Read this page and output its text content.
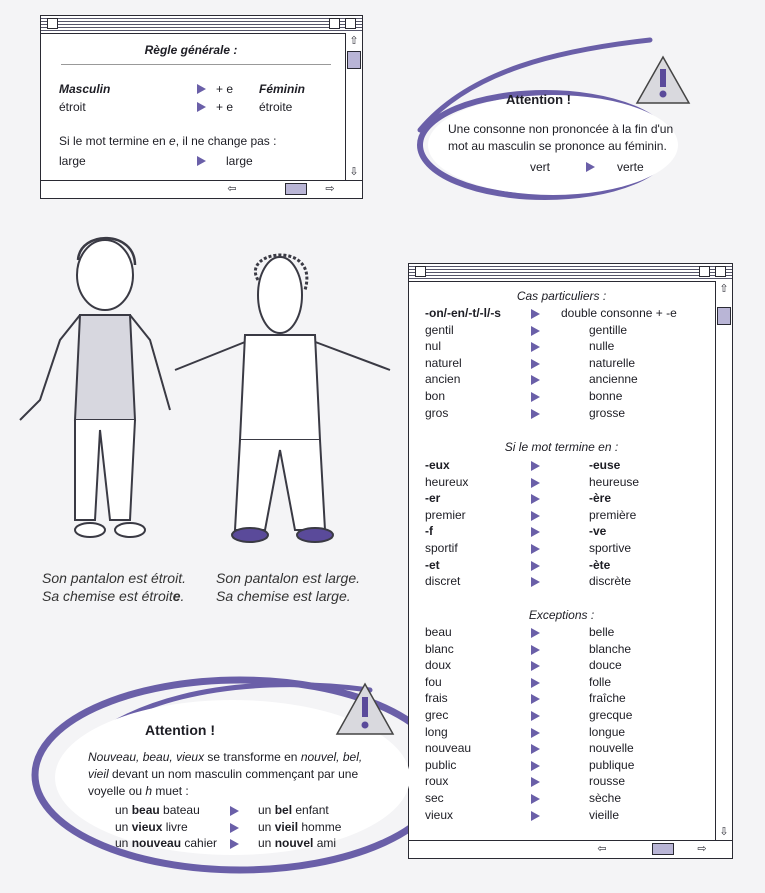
⇧
⇩
⇦	⇨
Règle générale :
Masculin	+ e Féminin
étroit	+ e étroite
Si le mot termine en e, il ne change pas :
large	large
Attention !
Une consonne non prononcée à la fin d'un
mot au masculin se prononce au féminin.
vert	verte
Son pantalon est étroit.
Sa chemise est étroite.
Son pantalon est large.
Sa chemise est large.
⇧
⇩
⇦	⇨
Cas particuliers :
-on/-en/-t/-l/-s	double consonne + -e
gentil	gentille
nul	nulle
naturel	naturelle
ancien	ancienne
bon	bonne
gros	grosse
Si le mot termine en :
-eux	-euse
heureux	heureuse
-er	-ère
premier	première
-f	-ve
sportif	sportive
-et	-ète
discret	discrète
Exceptions :
beau	belle
blanc	blanche
doux	douce
fou	folle
frais	fraîche
grec	grecque
long	longue
nouveau	nouvelle
public	publique
roux	rousse
sec	sèche
vieux	vieille
Attention !
Nouveau, beau, vieux se transforme en nouvel, bel,
vieil devant un nom masculin commençant par une
voyelle ou h muet :
un beau bateau	un bel enfant
un vieux livre	un vieil homme
un nouveau cahier	un nouvel ami
